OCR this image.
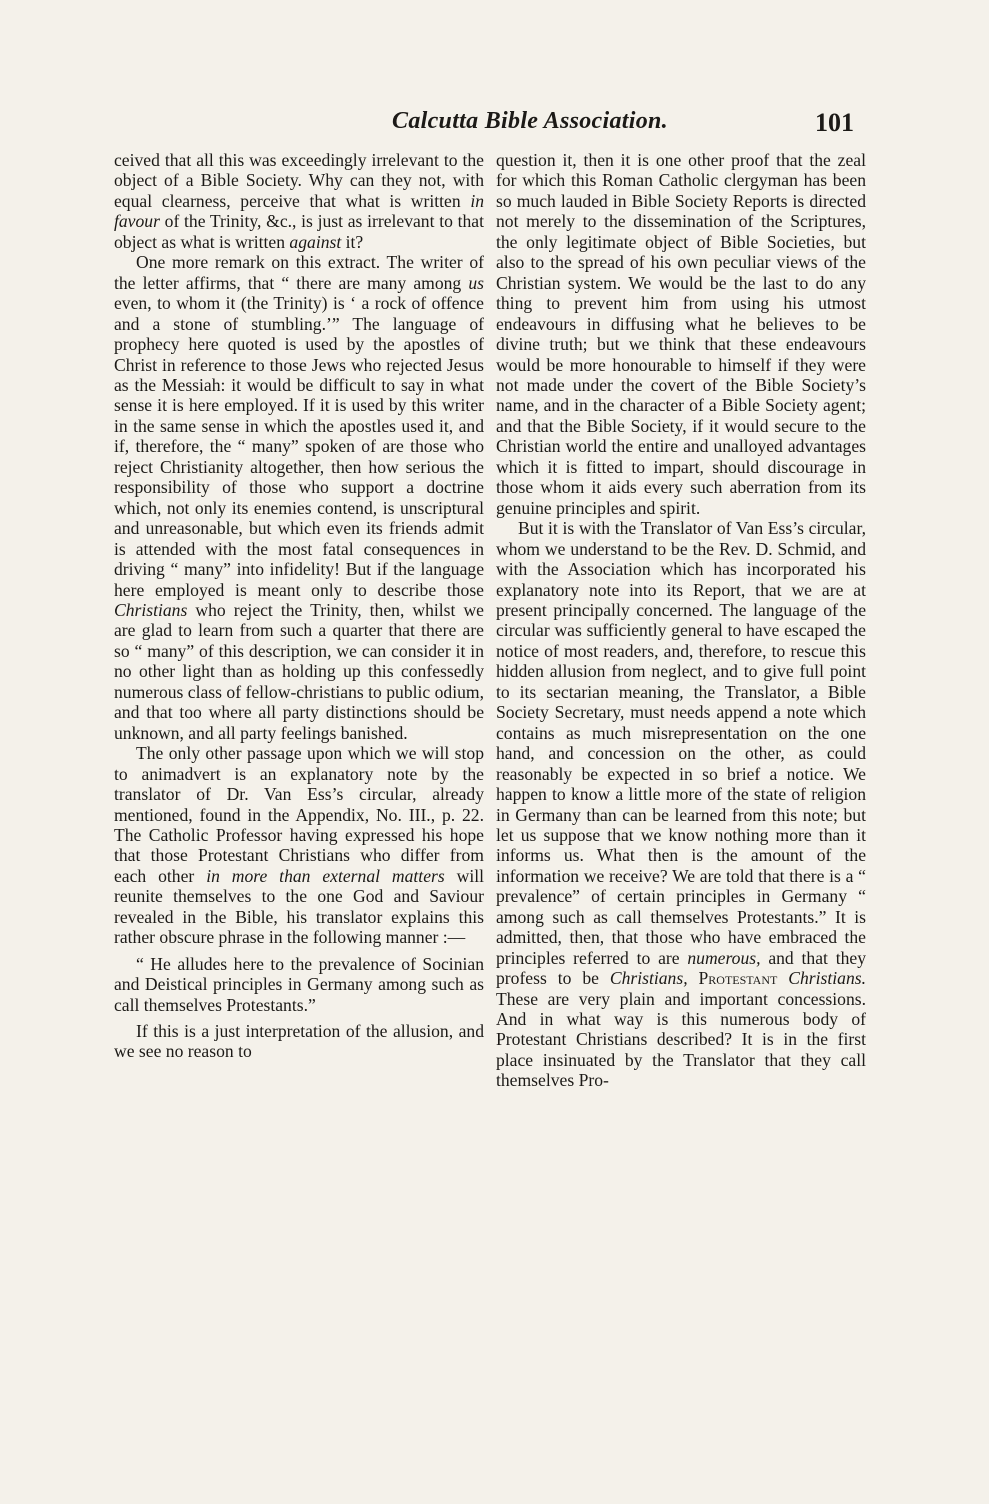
Calcutta Bible Association.	101

ceived that all this was exceedingly irrelevant to the object of a Bible Society. Why can they not, with equal clearness, perceive that what is written in favour of the Trinity, &c., is just as irrelevant to that object as what is written against it?

One more remark on this extract. The writer of the letter affirms, that “ there are many among us even, to whom it (the Trinity) is ‘ a rock of offence and a stone of stumbling.’” The language of prophecy here quoted is used by the apostles of Christ in reference to those Jews who rejected Jesus as the Messiah: it would be difficult to say in what sense it is here employed. If it is used by this writer in the same sense in which the apostles used it, and if, therefore, the “ many” spoken of are those who reject Christianity altogether, then how serious the responsibility of those who support a doctrine which, not only its enemies contend, is unscriptural and unreasonable, but which even its friends admit is attended with the most fatal consequences in driving “ many” into infidelity! But if the language here employed is meant only to describe those Christians who reject the Trinity, then, whilst we are glad to learn from such a quarter that there are so “ many” of this description, we can consider it in no other light than as holding up this confessedly numerous class of fellow-christians to public odium, and that too where all party distinctions should be unknown, and all party feelings banished.

The only other passage upon which we will stop to animadvert is an explanatory note by the translator of Dr. Van Ess’s circular, already mentioned, found in the Appendix, No. III., p. 22. The Catholic Professor having expressed his hope that those Protestant Christians who differ from each other in more than external matters will reunite themselves to the one God and Saviour revealed in the Bible, his translator explains this rather obscure phrase in the following manner :—

“ He alludes here to the prevalence of Socinian and Deistical principles in Germany among such as call themselves Protestants.”

If this is a just interpretation of the allusion, and we see no reason to

question it, then it is one other proof that the zeal for which this Roman Catholic clergyman has been so much lauded in Bible Society Reports is directed not merely to the dissemination of the Scriptures, the only legitimate object of Bible Societies, but also to the spread of his own peculiar views of the Christian system. We would be the last to do any thing to prevent him from using his utmost endeavours in diffusing what he believes to be divine truth; but we think that these endeavours would be more honourable to himself if they were not made under the covert of the Bible Society’s name, and in the character of a Bible Society agent; and that the Bible Society, if it would secure to the Christian world the entire and unalloyed advantages which it is fitted to impart, should discourage in those whom it aids every such aberration from its genuine principles and spirit.

But it is with the Translator of Van Ess’s circular, whom we understand to be the Rev. D. Schmid, and with the Association which has incorporated his explanatory note into its Report, that we are at present principally concerned. The language of the circular was sufficiently general to have escaped the notice of most readers, and, therefore, to rescue this hidden allusion from neglect, and to give full point to its sectarian meaning, the Translator, a Bible Society Secretary, must needs append a note which contains as much misrepresentation on the one hand, and concession on the other, as could reasonably be expected in so brief a notice. We happen to know a little more of the state of religion in Germany than can be learned from this note; but let us suppose that we know nothing more than it informs us. What then is the amount of the information we receive? We are told that there is a “ prevalence” of certain principles in Germany “ among such as call themselves Protestants.” It is admitted, then, that those who have embraced the principles referred to are numerous, and that they profess to be Christians, Protestant Christians. These are very plain and important concessions. And in what way is this numerous body of Protestant Christians described? It is in the first place insinuated by the Translator that they call themselves Pro-
